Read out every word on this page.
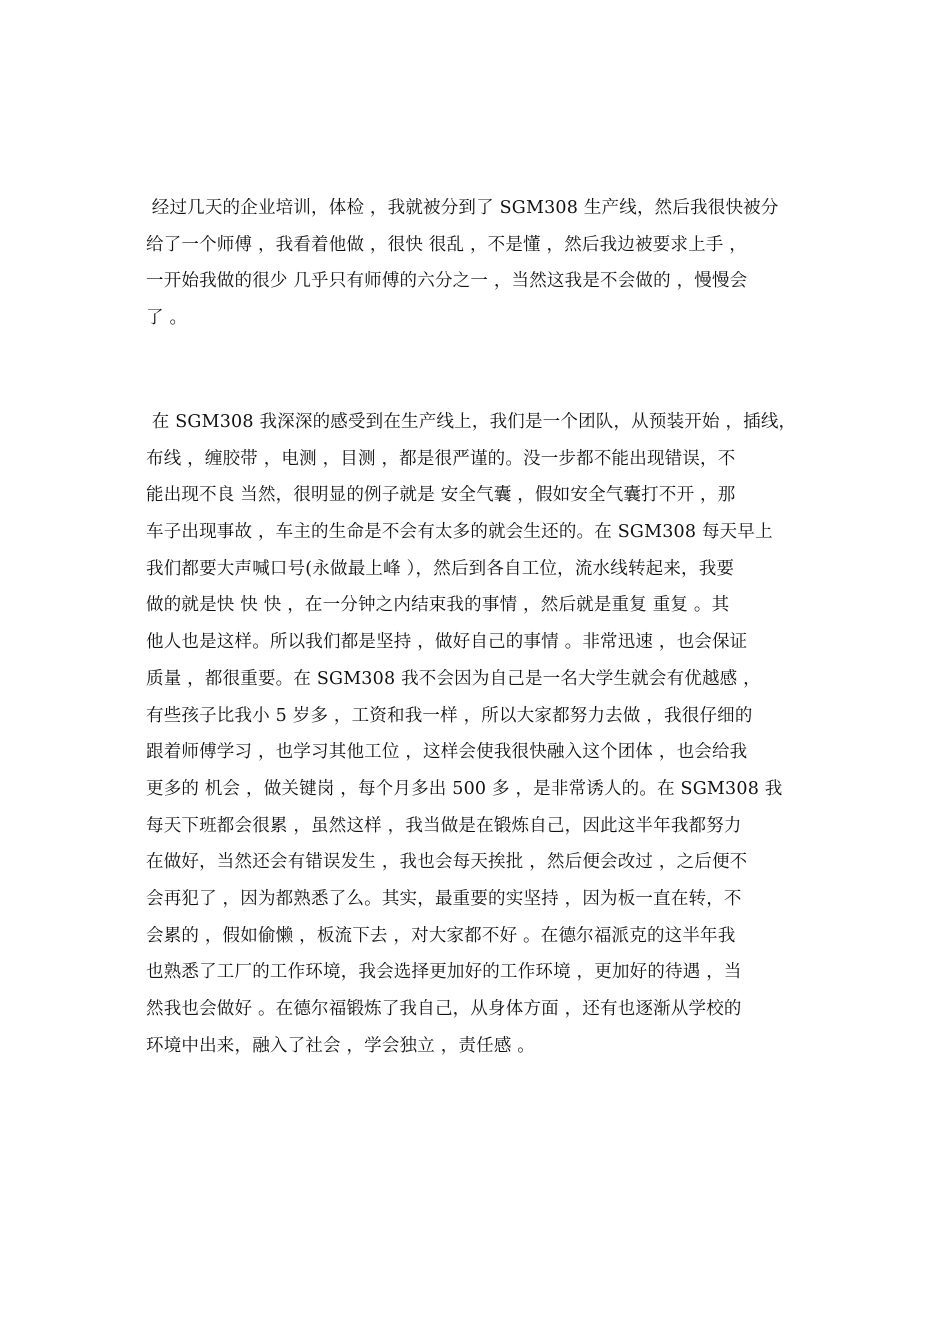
经过几天的企业培训，体检 ，我就被分到了 SGM308 生产线，然后我很快被分
给了一个师傅 ，我看着他做 ，很快 很乱 ，不是懂 ，然后我边被要求上手 ，
一开始我做的很少 几乎只有师傅的六分之一 ，当然这我是不会做的 ，慢慢会
了 。
在 SGM308 我深深的感受到在生产线上，我们是一个团队，从预装开始 ，插线，
布线 ，缠胶带 ，电测 ，目测 ，都是很严谨的。没一步都不能出现错误，不
能出现不良 当然，很明显的例子就是 安全气囊 ，假如安全气囊打不开 ，那
车子出现事故 ，车主的生命是不会有太多的就会生还的。在 SGM308 每天早上
我们都要大声喊口号(永做最上峰 ），然后到各自工位，流水线转起来，我要
做的就是快 快 快 ，在一分钟之内结束我的事情 ，然后就是重复 重复 。其
他人也是这样。所以我们都是坚持 ，做好自己的事情 。非常迅速 ，也会保证
质量 ，都很重要。在 SGM308 我不会因为自己是一名大学生就会有优越感 ，
有些孩子比我小 5 岁多 ，工资和我一样 ，所以大家都努力去做 ，我很仔细的
跟着师傅学习 ，也学习其他工位 ，这样会使我很快融入这个团体 ，也会给我
更多的 机会 ，做关键岗 ，每个月多出 500 多 ，是非常诱人的。在 SGM308 我
每天下班都会很累 ，虽然这样 ，我当做是在锻炼自己，因此这半年我都努力
在做好，当然还会有错误发生 ，我也会每天挨批 ，然后便会改过 ，之后便不
会再犯了 ，因为都熟悉了么。其实，最重要的实坚持 ，因为板一直在转，不
会累的 ，假如偷懒 ，板流下去 ，对大家都不好 。在德尔福派克的这半年我
也熟悉了工厂的工作环境，我会选择更加好的工作环境 ，更加好的待遇 ，当
然我也会做好 。在德尔福锻炼了我自己，从身体方面 ，还有也逐渐从学校的
环境中出来，融入了社会 ，学会独立 ，责任感 。
